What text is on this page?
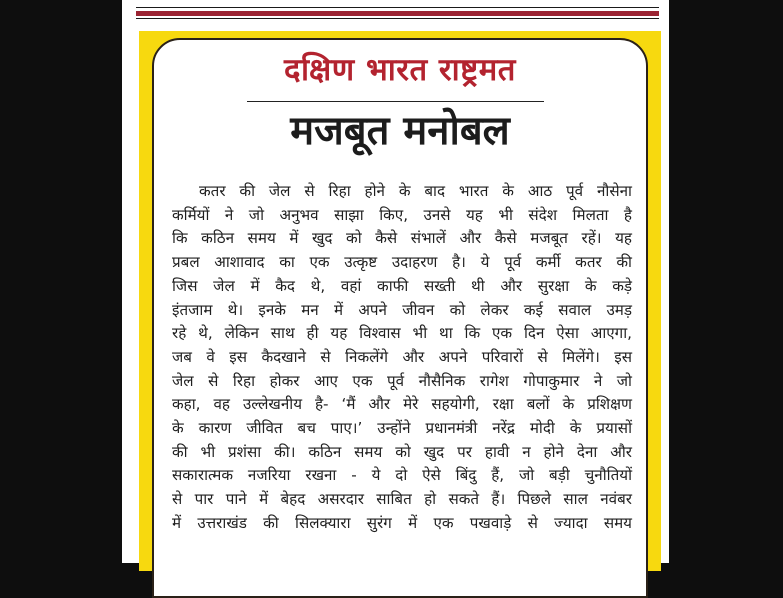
दक्षिण भारत राष्ट्रमत
मजबूत मनोबल
कतर की जेल से रिहा होने के बाद भारत के आठ पूर्व नौसेना
कर्मियों ने जो अनुभव साझा किए, उनसे यह भी संदेश मिलता है
कि कठिन समय में खुद को कैसे संभालें और कैसे मजबूत रहें। यह
प्रबल आशावाद का एक उत्कृष्ट उदाहरण है। ये पूर्व कर्मी कतर की
जिस जेल में कैद थे, वहां काफी सख्ती थी और सुरक्षा के कड़े
इंतजाम थे। इनके मन में अपने जीवन को लेकर कई सवाल उमड़
रहे थे, लेकिन साथ ही यह विश्वास भी था कि एक दिन ऐसा आएगा,
जब वे इस कैदखाने से निकलेंगे और अपने परिवारों से मिलेंगे। इस
जेल से रिहा होकर आए एक पूर्व नौसैनिक रागेश गोपाकुमार ने जो
कहा, वह उल्लेखनीय है- ‘मैं और मेरे सहयोगी, रक्षा बलों के प्रशिक्षण
के कारण जीवित बच पाए।’ उन्होंने प्रधानमंत्री नरेंद्र मोदी के प्रयासों
की भी प्रशंसा की। कठिन समय को खुद पर हावी न होने देना और
सकारात्मक नजरिया रखना - ये दो ऐसे बिंदु हैं, जो बड़ी चुनौतियों
से पार पाने में बेहद असरदार साबित हो सकते हैं। पिछले साल नवंबर
में उत्तराखंड की सिलक्यारा सुरंग में एक पखवाड़े से ज्यादा समय
